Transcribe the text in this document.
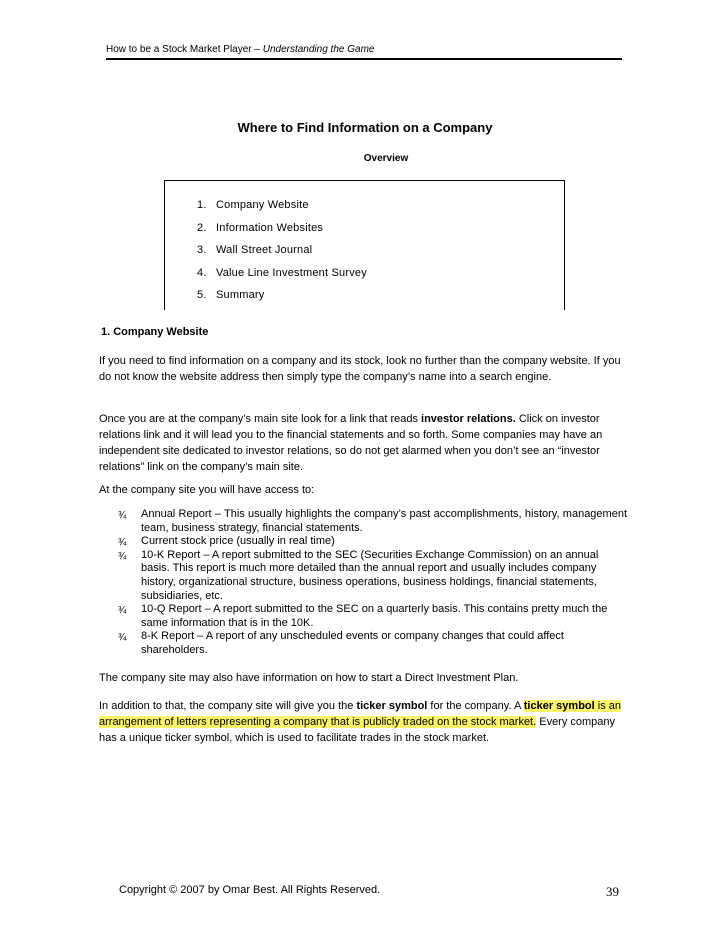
How to be a Stock Market Player – Understanding the Game
Where to Find Information on a Company
Overview
1. Company Website
2. Information Websites
3. Wall Street Journal
4. Value Line Investment Survey
5. Summary
1. Company Website

If you need to find information on a company and its stock, look no further than the company website. If you do not know the website address then simply type the company’s name into a search engine.

Once you are at the company’s main site look for a link that reads investor relations. Click on investor relations link and it will lead you to the financial statements and so forth. Some companies may have an independent site dedicated to investor relations, so do not get alarmed when you don’t see an “investor relations” link on the company’s main site.

At the company site you will have access to:

¾ Annual Report – This usually highlights the company’s past accomplishments, history, management team, business strategy, financial statements.
¾ Current stock price (usually in real time)
¾ 10-K Report – A report submitted to the SEC (Securities Exchange Commission) on an annual basis. This report is much more detailed than the annual report and usually includes company history, organizational structure, business operations, business holdings, financial statements, subsidiaries, etc.
¾ 10-Q Report – A report submitted to the SEC on a quarterly basis. This contains pretty much the same information that is in the 10K.
¾ 8-K Report – A report of any unscheduled events or company changes that could affect shareholders.

The company site may also have information on how to start a Direct Investment Plan.

In addition to that, the company site will give you the ticker symbol for the company. A ticker symbol is an arrangement of letters representing a company that is publicly traded on the stock market. Every company has a unique ticker symbol, which is used to facilitate trades in the stock market.

Copyright © 2007 by Omar Best. All Rights Reserved.	39
